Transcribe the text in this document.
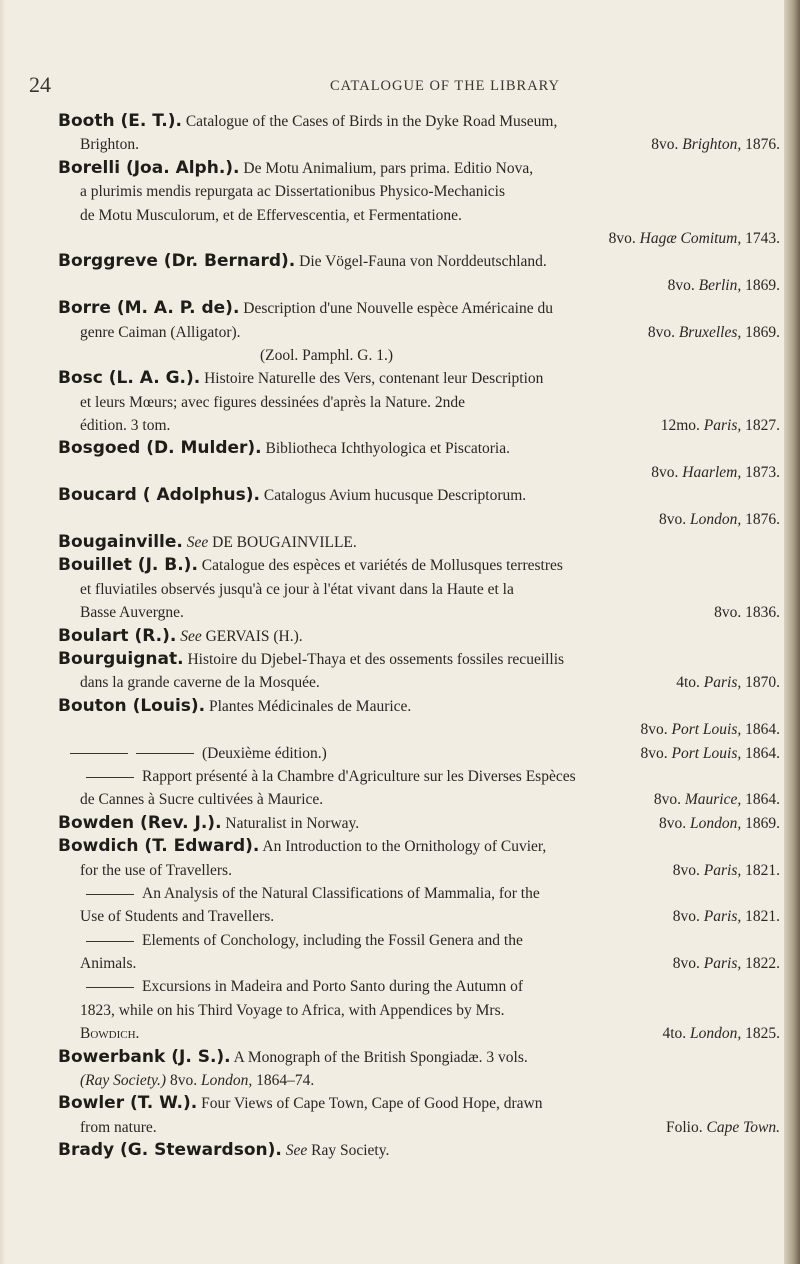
24	CATALOGUE OF THE LIBRARY
Booth (E. T.). Catalogue of the Cases of Birds in the Dyke Road Museum,
Brighton.	8vo. Brighton, 1876.
Borelli (Joa. Alph.). De Motu Animalium, pars prima. Editio Nova,
a plurimis mendis repurgata ac Dissertationibus Physico-Mechanicis
de Motu Musculorum, et de Effervescentia, et Fermentatione.
8vo. Hagæ Comitum, 1743.
Borggreve (Dr. Bernard). Die Vögel-Fauna von Norddeutschland.
8vo. Berlin, 1869.
Borre (M. A. P. de). Description d'une Nouvelle espèce Américaine du
genre Caiman (Alligator).	8vo. Bruxelles, 1869.
(Zool. Pamphl. G. 1.)
Bosc (L. A. G.). Histoire Naturelle des Vers, contenant leur Description
et leurs Mœurs; avec figures dessinées d'après la Nature. 2nde
édition. 3 tom.	12mo. Paris, 1827.
Bosgoed (D. Mulder). Bibliotheca Ichthyologica et Piscatoria.
8vo. Haarlem, 1873.
Boucard ( Adolphus). Catalogus Avium hucusque Descriptorum.
8vo. London, 1876.
Bougainville. See DE BOUGAINVILLE.
Bouillet (J. B.). Catalogue des espèces et variétés de Mollusques terrestres
et fluviatiles observés jusqu'à ce jour à l'état vivant dans la Haute et la
Basse Auvergne.	8vo. 1836.
Boulart (R.). See GERVAIS (H.).
Bourguignat. Histoire du Djebel-Thaya et des ossements fossiles recueillis
dans la grande caverne de la Mosquée.	4to. Paris, 1870.
Bouton (Louis). Plantes Médicinales de Maurice.
8vo. Port Louis, 1864.
(Deuxième édition.)	8vo. Port Louis, 1864.
Rapport présenté à la Chambre d'Agriculture sur les Diverses Espèces
de Cannes à Sucre cultivées à Maurice.	8vo. Maurice, 1864.
Bowden (Rev. J.). Naturalist in Norway.	8vo. London, 1869.
Bowdich (T. Edward). An Introduction to the Ornithology of Cuvier,
for the use of Travellers.	8vo. Paris, 1821.
An Analysis of the Natural Classifications of Mammalia, for the
Use of Students and Travellers.	8vo. Paris, 1821.
Elements of Conchology, including the Fossil Genera and the
Animals.	8vo. Paris, 1822.
Excursions in Madeira and Porto Santo during the Autumn of
1823, while on his Third Voyage to Africa, with Appendices by Mrs.
Bowdich.	4to. London, 1825.
Bowerbank (J. S.). A Monograph of the British Spongiadæ. 3 vols.
(Ray Society.) 8vo. London, 1864–74.
Bowler (T. W.). Four Views of Cape Town, Cape of Good Hope, drawn
from nature.	Folio. Cape Town.
Brady (G. Stewardson). See Ray Society.
